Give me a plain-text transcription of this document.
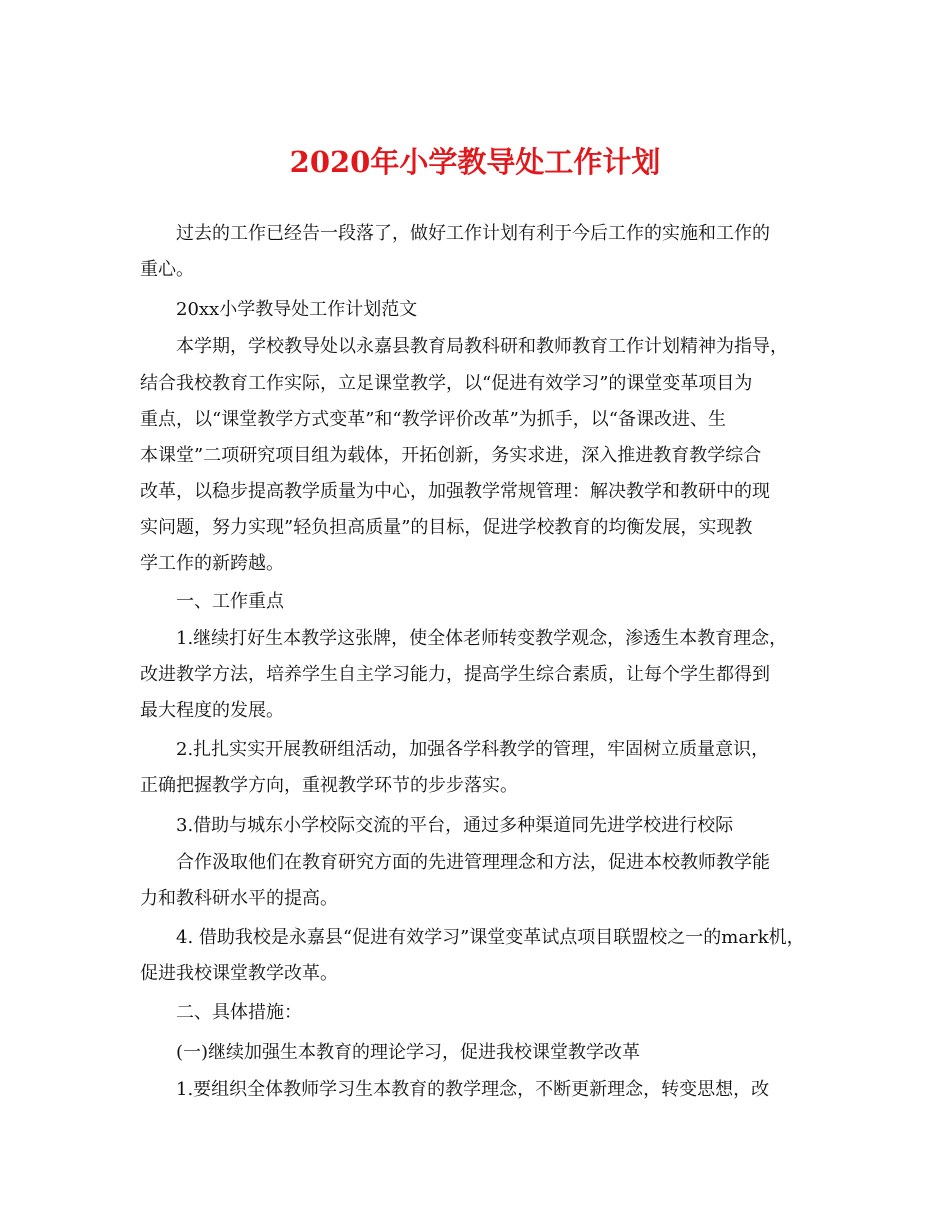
2020年小学教导处工作计划
过去的工作已经告一段落了，做好工作计划有利于今后工作的实施和工作的
重心。
20xx小学教导处工作计划范文
本学期，学校教导处以永嘉县教育局教科研和教师教育工作计划精神为指导，
结合我校教育工作实际，立足课堂教学，以“促进有效学习”的课堂变革项目为
重点，以“课堂教学方式变革”和“教学评价改革”为抓手，以“备课改进、生
本课堂”二项研究项目组为载体，开拓创新，务实求进，深入推进教育教学综合
改革，以稳步提高教学质量为中心，加强教学常规管理：解决教学和教研中的现
实问题，努力实现”轻负担高质量”的目标，促进学校教育的均衡发展，实现教
学工作的新跨越。
一、工作重点
1.继续打好生本教学这张牌，使全体老师转变教学观念，渗透生本教育理念，
改进教学方法，培养学生自主学习能力，提高学生综合素质，让每个学生都得到
最大程度的发展。
2.扎扎实实开展教研组活动，加强各学科教学的管理，牢固树立质量意识，
正确把握教学方向，重视教学环节的步步落实。
3.借助与城东小学校际交流的平台，通过多种渠道同先进学校进行校际
合作汲取他们在教育研究方面的先进管理理念和方法，促进本校教师教学能
力和教科研水平的提高。
4. 借助我校是永嘉县“促进有效学习”课堂变革试点项目联盟校之一的mark机，
促进我校课堂教学改革。
二、具体措施：
(一)继续加强生本教育的理论学习，促进我校课堂教学改革
1.要组织全体教师学习生本教育的教学理念，不断更新理念，转变思想，改
